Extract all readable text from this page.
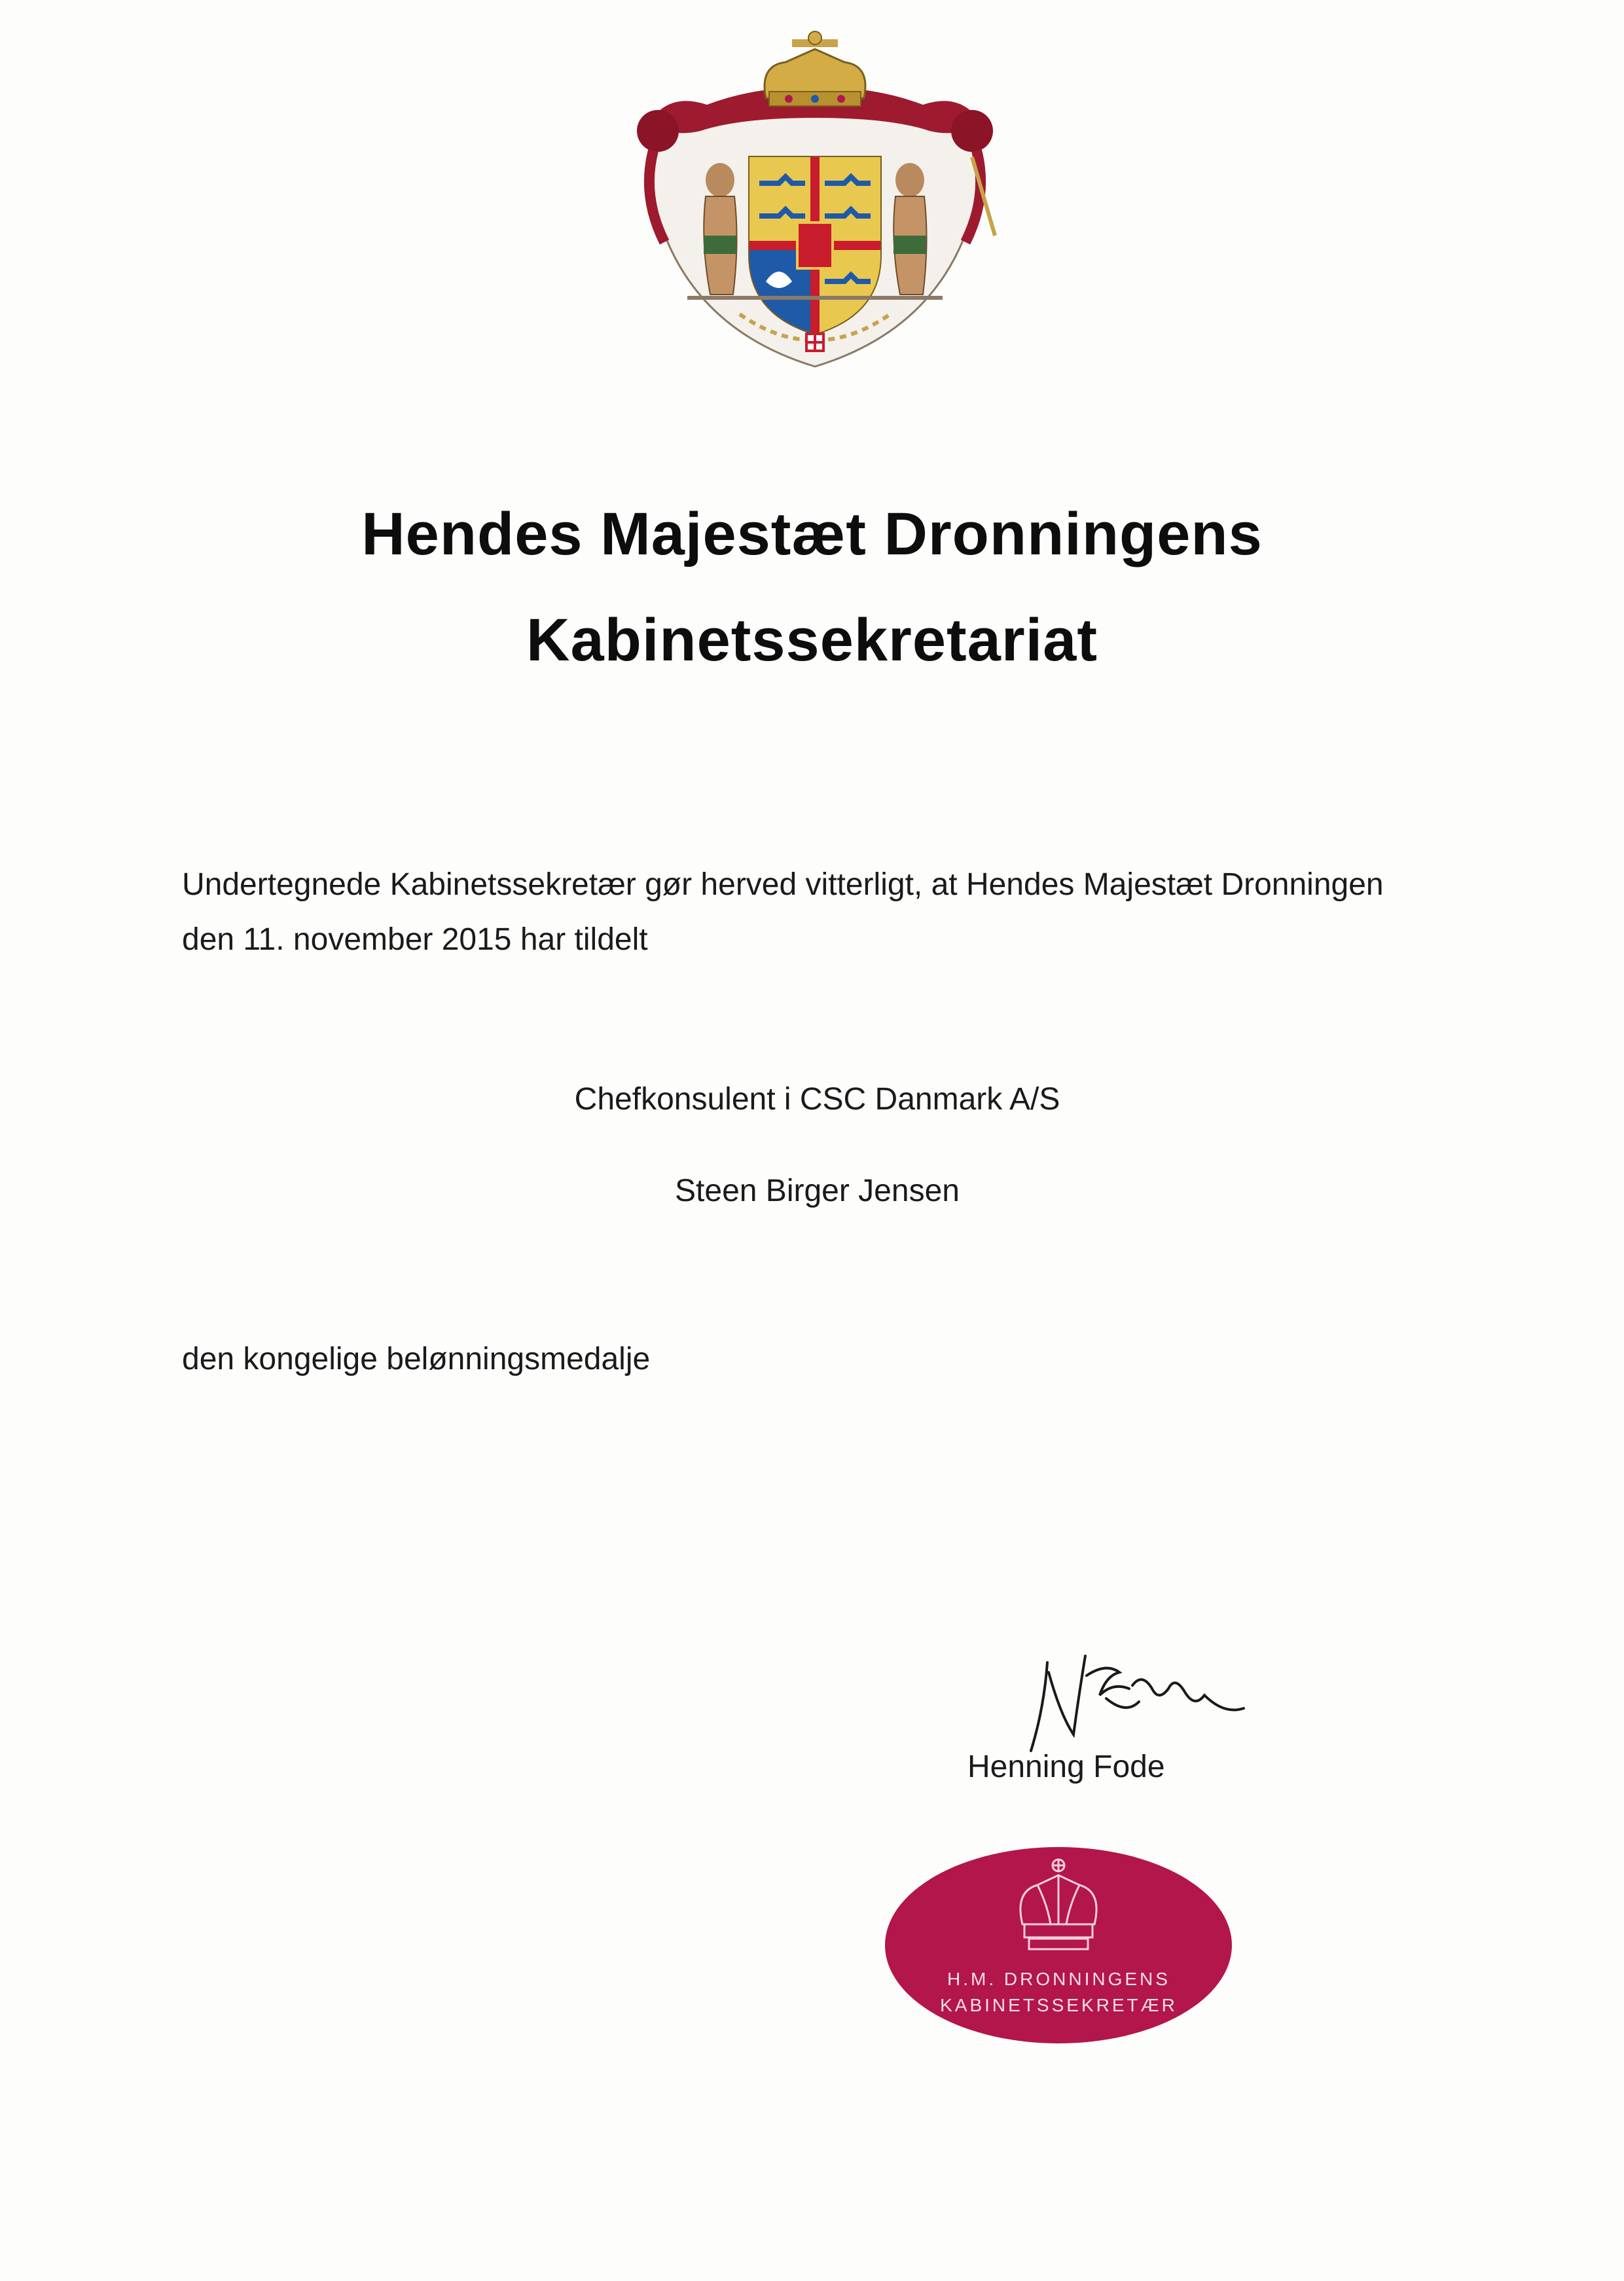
Hendes Majestæt Dronningens
Kabinetssekretariat
Undertegnede Kabinetssekretær gør herved vitterligt, at Hendes Majestæt Dronningen
den 11. november 2015 har tildelt
Chefkonsulent i CSC Danmark A/S
Steen Birger Jensen
den kongelige belønningsmedalje
Henning Fode
H.M. DRONNINGENS
KABINETSSEKRETÆR
